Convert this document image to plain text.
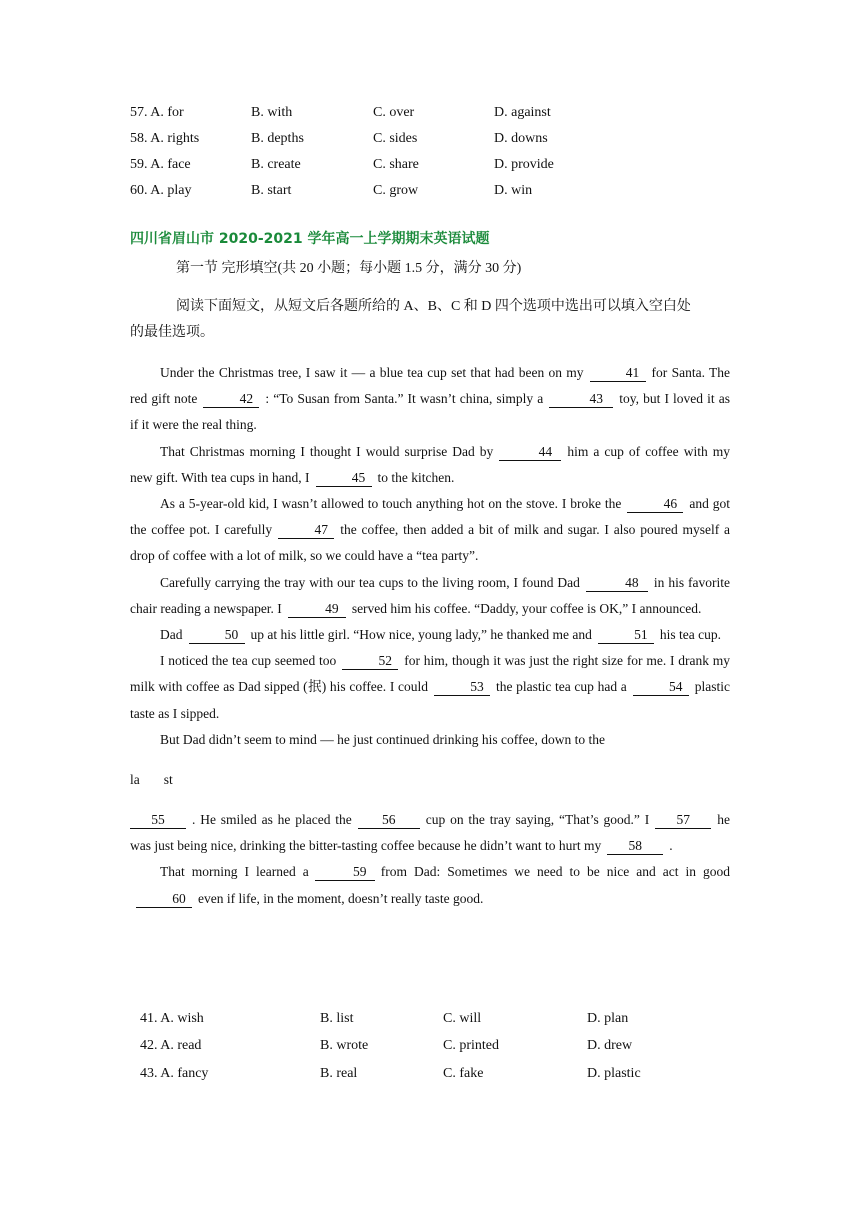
57. A. for	B. with	C. over	D. against
58. A. rights	B. depths	C. sides	D. downs
59. A. face	B. create	C. share	D. provide
60. A. play	B. start	C. grow	D. win
四川省眉山市 2020-2021 学年高一上学期期末英语试题
第一节 完形填空(共 20 小题；每小题 1.5 分，满分 30 分)
阅读下面短文，从短文后各题所给的 A、B、C 和 D 四个选项中选出可以填入空白处
的最佳选项。

Under the Christmas tree, I saw it — a blue tea cup set that had been on my	41 for Santa. The red gift note	42 : “To Susan from Santa.” It wasn’t china, simply a	43 toy, but I loved it as if it were the real thing.

That Christmas morning I thought I would surprise Dad by	44 him a cup of coffee with my new gift. With tea cups in hand, I	45 to the kitchen.

As a 5-year-old kid, I wasn’t allowed to touch anything hot on the stove. I broke the	46 and got the coffee pot. I carefully	47 the coffee, then added a bit of milk and sugar. I also poured myself a drop of coffee with a lot of milk, so we could have a “tea party”.

Carefully carrying the tray with our tea cups to the living room, I found Dad	48 in his favorite chair reading a newspaper. I	49 served him his coffee. “Daddy, your coffee is OK,” I announced.

Dad	50 up at his little girl. “How nice, young lady,” he thanked me and	51 his tea cup.

I noticed the tea cup seemed too	52 for him, though it was just the right size for me. I drank my milk with coffee as Dad sipped (抿) his coffee. I could	53 the plastic tea cup had a	54 plastic taste as I sipped.

But Dad didn’t seem to mind — he just continued drinking his coffee, down to the

la st

55 . He smiled as he placed the 56 cup on the tray saying, “That’s good.” I 57 he was just being nice, drinking the bitter-tasting coffee because he didn’t want to hurt my 58 .

That morning I learned a	59 from Dad: Sometimes we need to be nice and act in good60 even if life, in the moment, doesn’t really taste good.

41. A. wish	B. list	C. will	D. plan
42. A. read	B. wrote	C. printed	D. drew
43. A. fancy	B. real	C. fake	D. plastic
